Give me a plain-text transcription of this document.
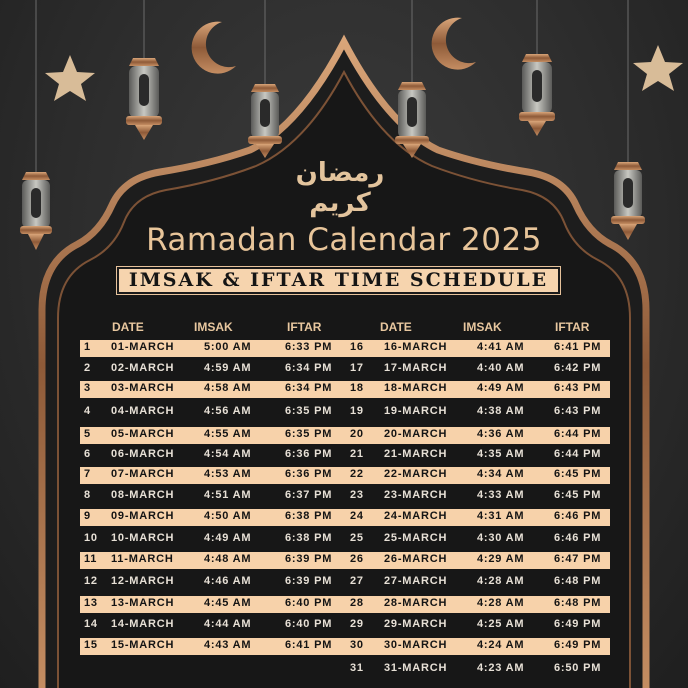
رمضان كريم
Ramadan Calendar 2025
IMSAK & IFTAR TIME SCHEDULE
DATE	IMSAK	IFTAR	DATE	IMSAK	IFTAR
1 01-MARCH	5:00 AM	6:33 PM 16 16-MARCH	4:41 AM	6:41 PM
2 02-MARCH	4:59 AM	6:34 PM 17 17-MARCH	4:40 AM	6:42 PM
3 03-MARCH	4:58 AM	6:34 PM 18 18-MARCH	4:49 AM	6:43 PM
4 04-MARCH	4:56 AM	6:35 PM 19 19-MARCH	4:38 AM	6:43 PM
5 05-MARCH	4:55 AM	6:35 PM 20 20-MARCH	4:36 AM	6:44 PM
6 06-MARCH	4:54 AM	6:36 PM 21 21-MARCH	4:35 AM	6:44 PM
7 07-MARCH	4:53 AM	6:36 PM 22 22-MARCH	4:34 AM	6:45 PM
8 08-MARCH	4:51 AM	6:37 PM 23 23-MARCH	4:33 AM	6:45 PM
9 09-MARCH	4:50 AM	6:38 PM 24 24-MARCH	4:31 AM	6:46 PM
10 10-MARCH	4:49 AM	6:38 PM 25 25-MARCH	4:30 AM	6:46 PM
11 11-MARCH	4:48 AM	6:39 PM 26 26-MARCH	4:29 AM	6:47 PM
12 12-MARCH	4:46 AM	6:39 PM 27 27-MARCH	4:28 AM	6:48 PM
13 13-MARCH	4:45 AM	6:40 PM 28 28-MARCH	4:28 AM	6:48 PM
14 14-MARCH	4:44 AM	6:40 PM 29 29-MARCH	4:25 AM	6:49 PM
15 15-MARCH	4:43 AM	6:41 PM 30 30-MARCH	4:24 AM	6:49 PM
31 31-MARCH	4:23 AM	6:50 PM
